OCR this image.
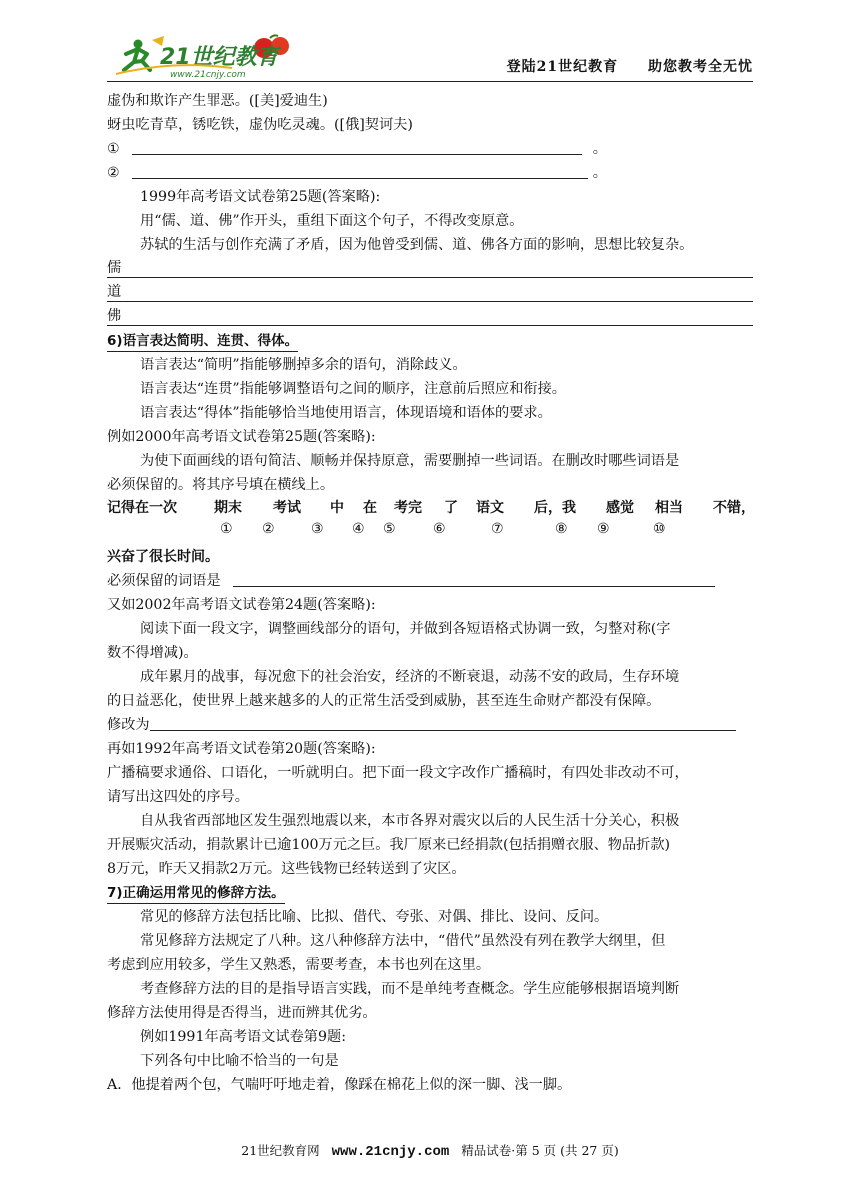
21世纪教育
www.21cnjy.com	登陆21世纪教育 助您教考全无忧
虚伪和欺诈产生罪恶。([美]爱迪生)
蚜虫吃青草，锈吃铁，虚伪吃灵魂。([俄]契诃夫)
①	。
②	。
1999年高考语文试卷第25题(答案略):
用“儒、道、佛”作开头，重组下面这个句子，不得改变原意。
苏轼的生活与创作充满了矛盾，因为他曾受到儒、道、佛各方面的影响，思想比较复杂。
儒
道
佛
6)语言表达简明、连贯、得体。
语言表达“简明”指能够删掉多余的语句，消除歧义。
语言表达“连贯”指能够调整语句之间的顺序，注意前后照应和衔接。
语言表达“得体”指能够恰当地使用语言，体现语境和语体的要求。
例如2000年高考语文试卷第25题(答案略):
为使下面画线的语句简洁、顺畅并保持原意，需要删掉一些词语。在删改时哪些词语是
必须保留的。将其序号填在横线上。
记得在一次	期末 考试 中 在 考完 了 语文 后，我 感觉 相当 不错，
① ②	③ ④ ⑤	⑥	⑦	⑧ ⑨	⑩
兴奋了很长时间。
必须保留的词语是
又如2002年高考语文试卷第24题(答案略):
阅读下面一段文字，调整画线部分的语句，并做到各短语格式协调一致，匀整对称(字
数不得增减)。
成年累月的战事，每况愈下的社会治安，经济的不断衰退，动荡不安的政局，生存环境
的日益恶化，使世界上越来越多的人的正常生活受到威胁，甚至连生命财产都没有保障。
修改为
再如1992年高考语文试卷第20题(答案略):
广播稿要求通俗、口语化，一听就明白。把下面一段文字改作广播稿时，有四处非改动不可，
请写出这四处的序号。
自从我省西部地区发生强烈地震以来，本市各界对震灾以后的人民生活十分关心，积极
开展赈灾活动，捐款累计已逾100万元之巨。我厂原来已经捐款(包括捐赠衣服、物品折款)
8万元，昨天又捐款2万元。这些钱物已经转送到了灾区。
7)正确运用常见的修辞方法。
常见的修辞方法包括比喻、比拟、借代、夸张、对偶、排比、设问、反问。
常见修辞方法规定了八种。这八种修辞方法中，“借代”虽然没有列在教学大纲里，但
考虑到应用较多，学生又熟悉，需要考查，本书也列在这里。
考查修辞方法的目的是指导语言实践，而不是单纯考查概念。学生应能够根据语境判断
修辞方法使用得是否得当，进而辨其优劣。
例如1991年高考语文试卷第9题:
下列各句中比喻不恰当的一句是
A．他提着两个包，气喘吁吁地走着，像踩在棉花上似的深一脚、浅一脚。
21世纪教育网 www.21cnjy.com 精品试卷·第 5 页 (共 27 页)
